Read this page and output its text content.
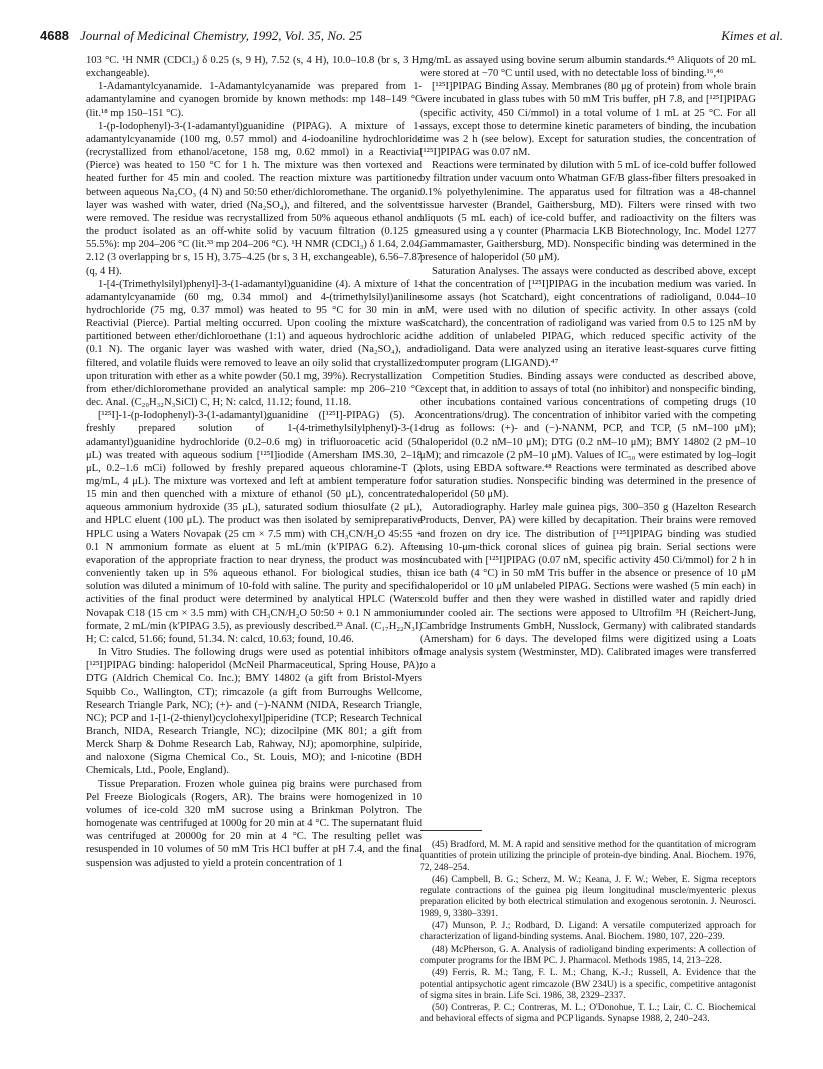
4688 Journal of Medicinal Chemistry, 1992, Vol. 35, No. 25	Kimes et al.

103 °C. ¹H NMR (CDCl₃) δ 0.25 (s, 9 H), 7.52 (s, 4 H), 10.0–10.8 (br s, 3 H, exchangeable).

1-Adamantylcyanamide. 1-Adamantylcyanamide was prepared from 1-adamantylamine and cyanogen bromide by known methods: mp 148–149 °C (lit.¹⁸ mp 150–151 °C).

1-(p-Iodophenyl)-3-(1-adamantyl)guanidine (PIPAG). A mixture of 1-adamantylcyanamide (100 mg, 0.57 mmol) and 4-iodoaniline hydrochloride (recrystallized from ethanol/acetone, 158 mg, 0.62 mmol) in a Reactivial (Pierce) was heated to 150 °C for 1 h. The mixture was then vortexed and heated further for 45 min and cooled. The reaction mixture was partitioned between aqueous Na₂CO₃ (4 N) and 50:50 ether/dichloromethane. The organic layer was washed with water, dried (Na₂SO₄), and filtered, and the solvents were removed. The residue was recrystallized from 50% aqueous ethanol and the product isolated as an off-white solid by vacuum filtration (0.125 g, 55.5%): mp 204–206 °C (lit.³³ mp 204–206 °C). ¹H NMR (CDCl₃) δ 1.64, 2.04, 2.12 (3 overlapping br s, 15 H), 3.75–4.25 (br s, 3 H, exchangeable), 6.56–7.87 (q, 4 H).

1-[4-(Trimethylsilyl)phenyl]-3-(1-adamantyl)guanidine (4). A mixture of 1-adamantylcyanamide (60 mg, 0.34 mmol) and 4-(trimethylsilyl)aniline hydrochloride (75 mg, 0.37 mmol) was heated to 95 °C for 30 min in a Reactivial (Pierce). Partial melting occurred. Upon cooling the mixture was partitioned between ether/dichloroethane (1:1) and aqueous hydrochloric acid (0.1 N). The organic layer was washed with water, dried (Na₂SO₄), and filtered, and volatile fluids were removed to leave an oily solid that crystallized upon trituration with ether as a white powder (50.1 mg, 39%). Recrystallization from ether/dichloromethane provided an analytical sample: mp 206–210 °C dec. Anal. (C₂₀H₃₂N₃SiCl) C, H; N: calcd, 11.12; found, 11.18.

[¹²⁵I]-1-(p-Iodophenyl)-3-(1-adamantyl)guanidine ([¹²⁵I]-PIPAG) (5). A freshly prepared solution of 1-(4-trimethylsilylphenyl)-3-(1-adamantyl)guanidine hydrochloride (0.2–0.6 mg) in trifluoroacetic acid (50 μL) was treated with aqueous sodium [¹²⁵I]iodide (Amersham IMS.30, 2–18 μL, 0.2–1.6 mCi) followed by freshly prepared aqueous chloramine-T (2 mg/mL, 4 μL). The mixture was vortexed and left at ambient temperature for 15 min and then quenched with a mixture of ethanol (50 μL), concentrated aqueous ammonium hydroxide (35 μL), saturated sodium thiosulfate (2 μL), and HPLC eluent (100 μL). The product was then isolated by semipreparative HPLC using a Waters Novapak (25 cm × 7.5 mm) with CH₃CN/H₂O 45:55 + 0.1 N ammonium formate as eluent at 5 mL/min (k′PIPAG 6.2). After evaporation of the appropriate fraction to near dryness, the product was most conveniently taken up in 5% aqueous ethanol. For biological studies, this solution was diluted a minimum of 10-fold with saline. The purity and specific activities of the final product were determined by analytical HPLC (Waters Novapak C18 (15 cm × 3.5 mm) with CH₃CN/H₂O 50:50 + 0.1 N ammonium formate, 2 mL/min (k′PIPAG 3.5), as previously described.²³ Anal. (C₁₇H₂₂N₃I) H; C: calcd, 51.66; found, 51.34. N: calcd, 10.63; found, 10.46.

In Vitro Studies. The following drugs were used as potential inhibitors of [¹²⁵I]PIPAG binding: haloperidol (McNeil Pharmaceutical, Spring House, PA); DTG (Aldrich Chemical Co. Inc.); BMY 14802 (a gift from Bristol-Myers Squibb Co., Wallington, CT); rimcazole (a gift from Burroughs Wellcome, Research Triangle Park, NC); (+)- and (−)-NANM (NIDA, Research Triangle, NC); PCP and 1-[1-(2-thienyl)cyclohexyl]piperidine (TCP; Research Technical Branch, NIDA, Research Triangle, NC); dizocilpine (MK 801; a gift from Merck Sharp & Dohme Research Lab, Rahway, NJ); apomorphine, sulpiride, and naloxone (Sigma Chemical Co., St. Louis, MO); and l-nicotine (BDH Chemicals, Ltd., Poole, England).

Tissue Preparation. Frozen whole guinea pig brains were purchased from Pel Freeze Biologicals (Rogers, AR). The brains were homogenized in 10 volumes of ice-cold 320 mM sucrose using a Brinkman Polytron. The homogenate was centrifuged at 1000g for 20 min at 4 °C. The supernatant fluid was centrifuged at 20000g for 20 min at 4 °C. The resulting pellet was resuspended in 10 volumes of 50 mM Tris HCl buffer at pH 7.4, and the final suspension was adjusted to yield a protein concentration of 1

mg/mL as assayed using bovine serum albumin standards.⁴⁵ Aliquots of 20 mL were stored at −70 °C until used, with no detectable loss of binding.¹⁶,⁴⁶

[¹²⁵I]PIPAG Binding Assay. Membranes (80 μg of protein) from whole brain were incubated in glass tubes with 50 mM Tris buffer, pH 7.8, and [¹²⁵I]PIPAG (specific activity, 450 Ci/mmol) in a total volume of 1 mL at 25 °C. For all assays, except those to determine kinetic parameters of binding, the incubation time was 2 h (see below). Except for saturation studies, the concentration of [¹²⁵I]PIPAG was 0.07 nM.

Reactions were terminated by dilution with 5 mL of ice-cold buffer followed by filtration under vacuum onto Whatman GF/B glass-fiber filters presoaked in 0.1% polyethylenimine. The apparatus used for filtration was a 48-channel tissue harvester (Brandel, Gaithersburg, MD). Filters were rinsed with two aliquots (5 mL each) of ice-cold buffer, and radioactivity on the filters was measured using a γ counter (Pharmacia LKB Biotechnology, Inc. Model 1277 Gammamaster, Gaithersburg, MD). Nonspecific binding was determined in the presence of haloperidol (50 μM).

Saturation Analyses. The assays were conducted as described above, except that the concentration of [¹²⁵I]PIPAG in the incubation medium was varied. In some assays (hot Scatchard), eight concentrations of radioligand, 0.044–10 nM, were used with no dilution of specific activity. In other assays (cold Scatchard), the concentration of radioligand was varied from 0.5 to 125 nM by the addition of unlabeled PIPAG, which reduced specific activity of the radioligand. Data were analyzed using an iterative least-squares curve fitting computer program (LIGAND).⁴⁷

Competition Studies. Binding assays were conducted as described above, except that, in addition to assays of total (no inhibitor) and nonspecific binding, other incubations contained various concentrations of competing drugs (10 concentrations/drug). The concentration of inhibitor varied with the competing drug as follows: (+)- and (−)-NANM, PCP, and TCP, (5 nM–100 μM); haloperidol (0.2 nM–10 μM); DTG (0.2 nM–10 μM); BMY 14802 (2 pM–10 μM); and rimcazole (2 pM–10 μM). Values of IC₅₀ were estimated by log–logit plots, using EBDA software.⁴⁸ Reactions were terminated as described above for saturation studies. Nonspecific binding was determined in the presence of haloperidol (50 μM).

Autoradiography. Harley male guinea pigs, 300–350 g (Hazelton Research Products, Denver, PA) were killed by decapitation. Their brains were removed and frozen on dry ice. The distribution of [¹²⁵I]PIPAG binding was studied using 10-μm-thick coronal slices of guinea pig brain. Serial sections were incubated with [¹²⁵I]PIPAG (0.07 nM, specific activity 450 Ci/mmol) for 2 h in an ice bath (4 °C) in 50 mM Tris buffer in the absence or presence of 10 μM haloperidol or 10 μM unlabeled PIPAG. Sections were washed (5 min each) in cold buffer and then they were washed in distilled water and rapidly dried under cooled air. The sections were apposed to Ultrofilm ³H (Reichert-Jung, Cambridge Instruments GmbH, Nusslock, Germany) with calibrated standards (Amersham) for 6 days. The developed films were digitized using a Loats Image analysis system (Westminster, MD). Calibrated images were transferred to a

(45) Bradford, M. M. A rapid and sensitive method for the quantitation of microgram quantities of protein utilizing the principle of protein-dye binding. Anal. Biochem. 1976, 72, 248–254.

(46) Campbell, B. G.; Scherz, M. W.; Keana, J. F. W.; Weber, E. Sigma receptors regulate contractions of the guinea pig ileum longitudinal muscle/myenteric plexus preparation elicited by both electrical stimulation and exogenous serotonin. J. Neurosci. 1989, 9, 3380–3391.

(47) Munson, P. J.; Rodbard, D. Ligand: A versatile computerized approach for characterization of ligand-binding systems. Anal. Biochem. 1980, 107, 220–239.

(48) McPherson, G. A. Analysis of radioligand binding experiments: A collection of computer programs for the IBM PC. J. Pharmacol. Methods 1985, 14, 213–228.

(49) Ferris, R. M.; Tang, F. L. M.; Chang, K.-J.; Russell, A. Evidence that the potential antipsychotic agent rimcazole (BW 234U) is a specific, competitive antagonist of sigma sites in brain. Life Sci. 1986, 38, 2329–2337.

(50) Contreras, P. C.; Contreras, M. L.; O'Donohue, T. L.; Lair, C. C. Biochemical and behavioral effects of sigma and PCP ligands. Synapse 1988, 2, 240–243.
